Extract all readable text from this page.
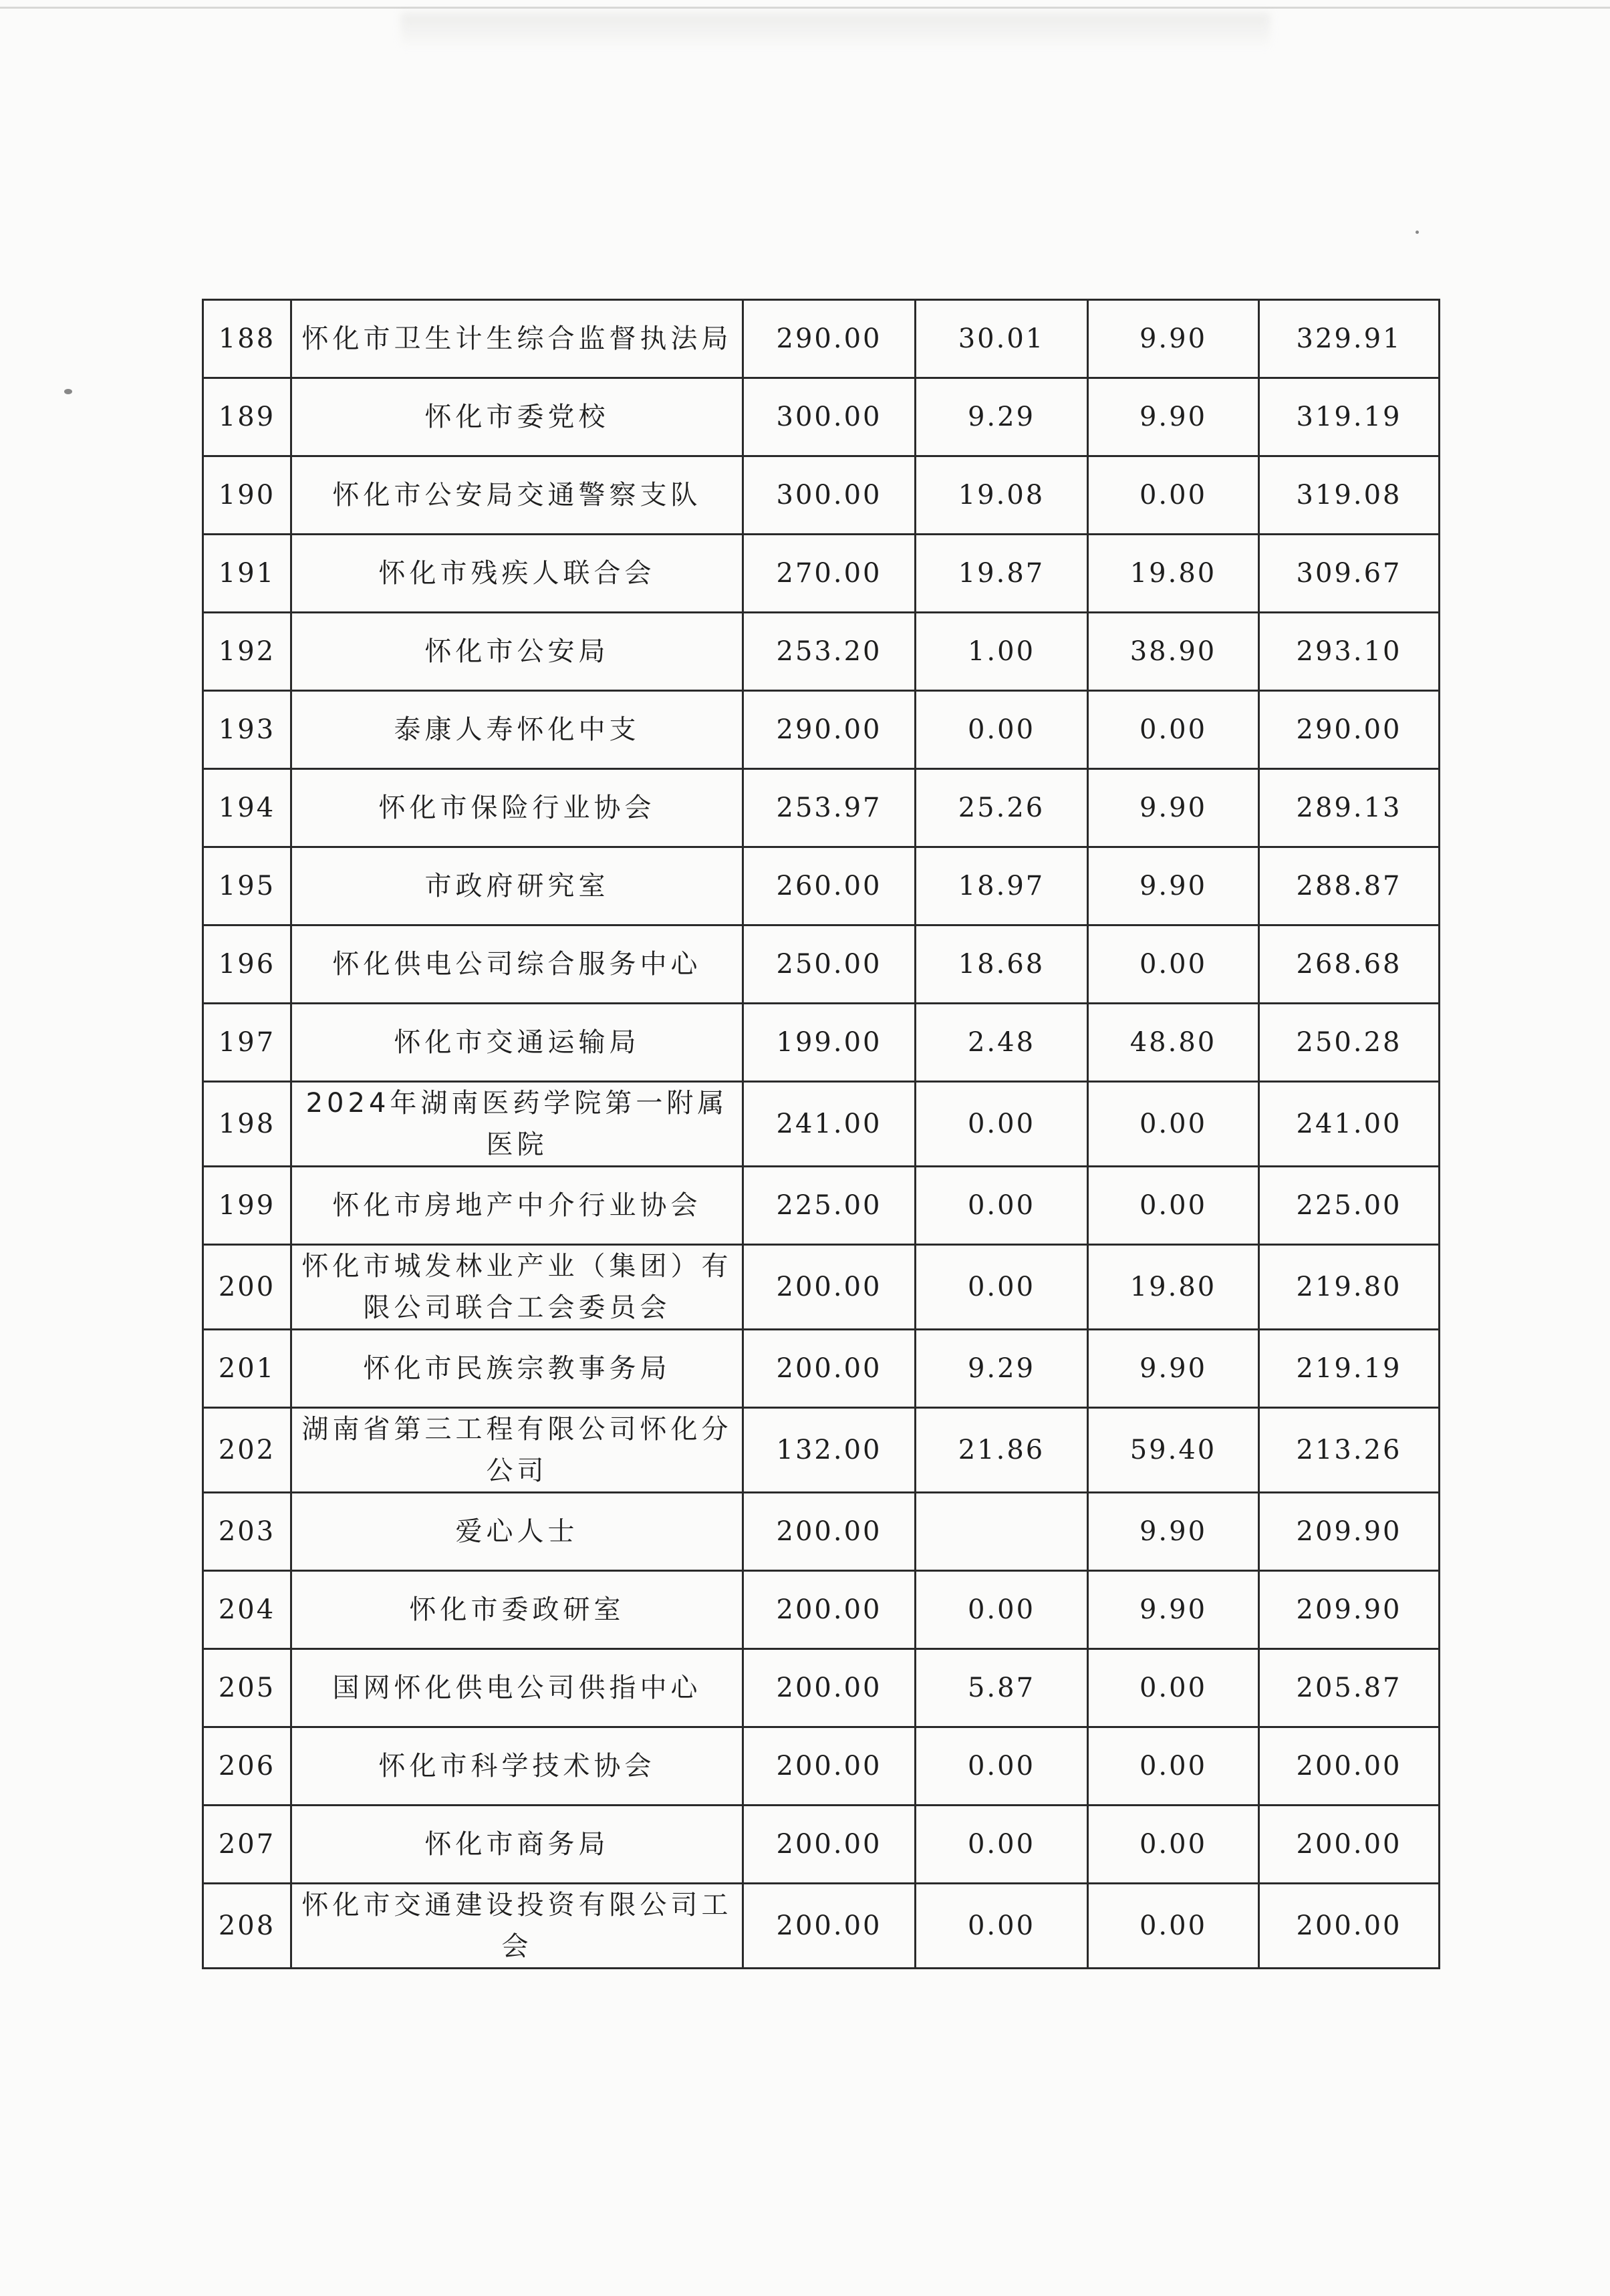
188	怀化市卫生计生综合监督执法局	290.00	30.01	9.90	329.91
189	怀化市委党校	300.00	9.29	9.90	319.19
190	怀化市公安局交通警察支队	300.00	19.08	0.00	319.08
191	怀化市残疾人联合会	270.00	19.87	19.80	309.67
192	怀化市公安局	253.20	1.00	38.90	293.10
193	泰康人寿怀化中支	290.00	0.00	0.00	290.00
194	怀化市保险行业协会	253.97	25.26	9.90	289.13
195	市政府研究室	260.00	18.97	9.90	288.87
196	怀化供电公司综合服务中心	250.00	18.68	0.00	268.68
197	怀化市交通运输局	199.00	2.48	48.80	250.28
198	2024年湖南医药学院第一附属医院	241.00	0.00	0.00	241.00
199	怀化市房地产中介行业协会	225.00	0.00	0.00	225.00
200	怀化市城发林业产业（集团）有限公司联合工会委员会	200.00	0.00	19.80	219.80
201	怀化市民族宗教事务局	200.00	9.29	9.90	219.19
202	湖南省第三工程有限公司怀化分公司	132.00	21.86	59.40	213.26
203	爱心人士	200.00		9.90	209.90
204	怀化市委政研室	200.00	0.00	9.90	209.90
205	国网怀化供电公司供指中心	200.00	5.87	0.00	205.87
206	怀化市科学技术协会	200.00	0.00	0.00	200.00
207	怀化市商务局	200.00	0.00	0.00	200.00
208	怀化市交通建设投资有限公司工会	200.00	0.00	0.00	200.00
